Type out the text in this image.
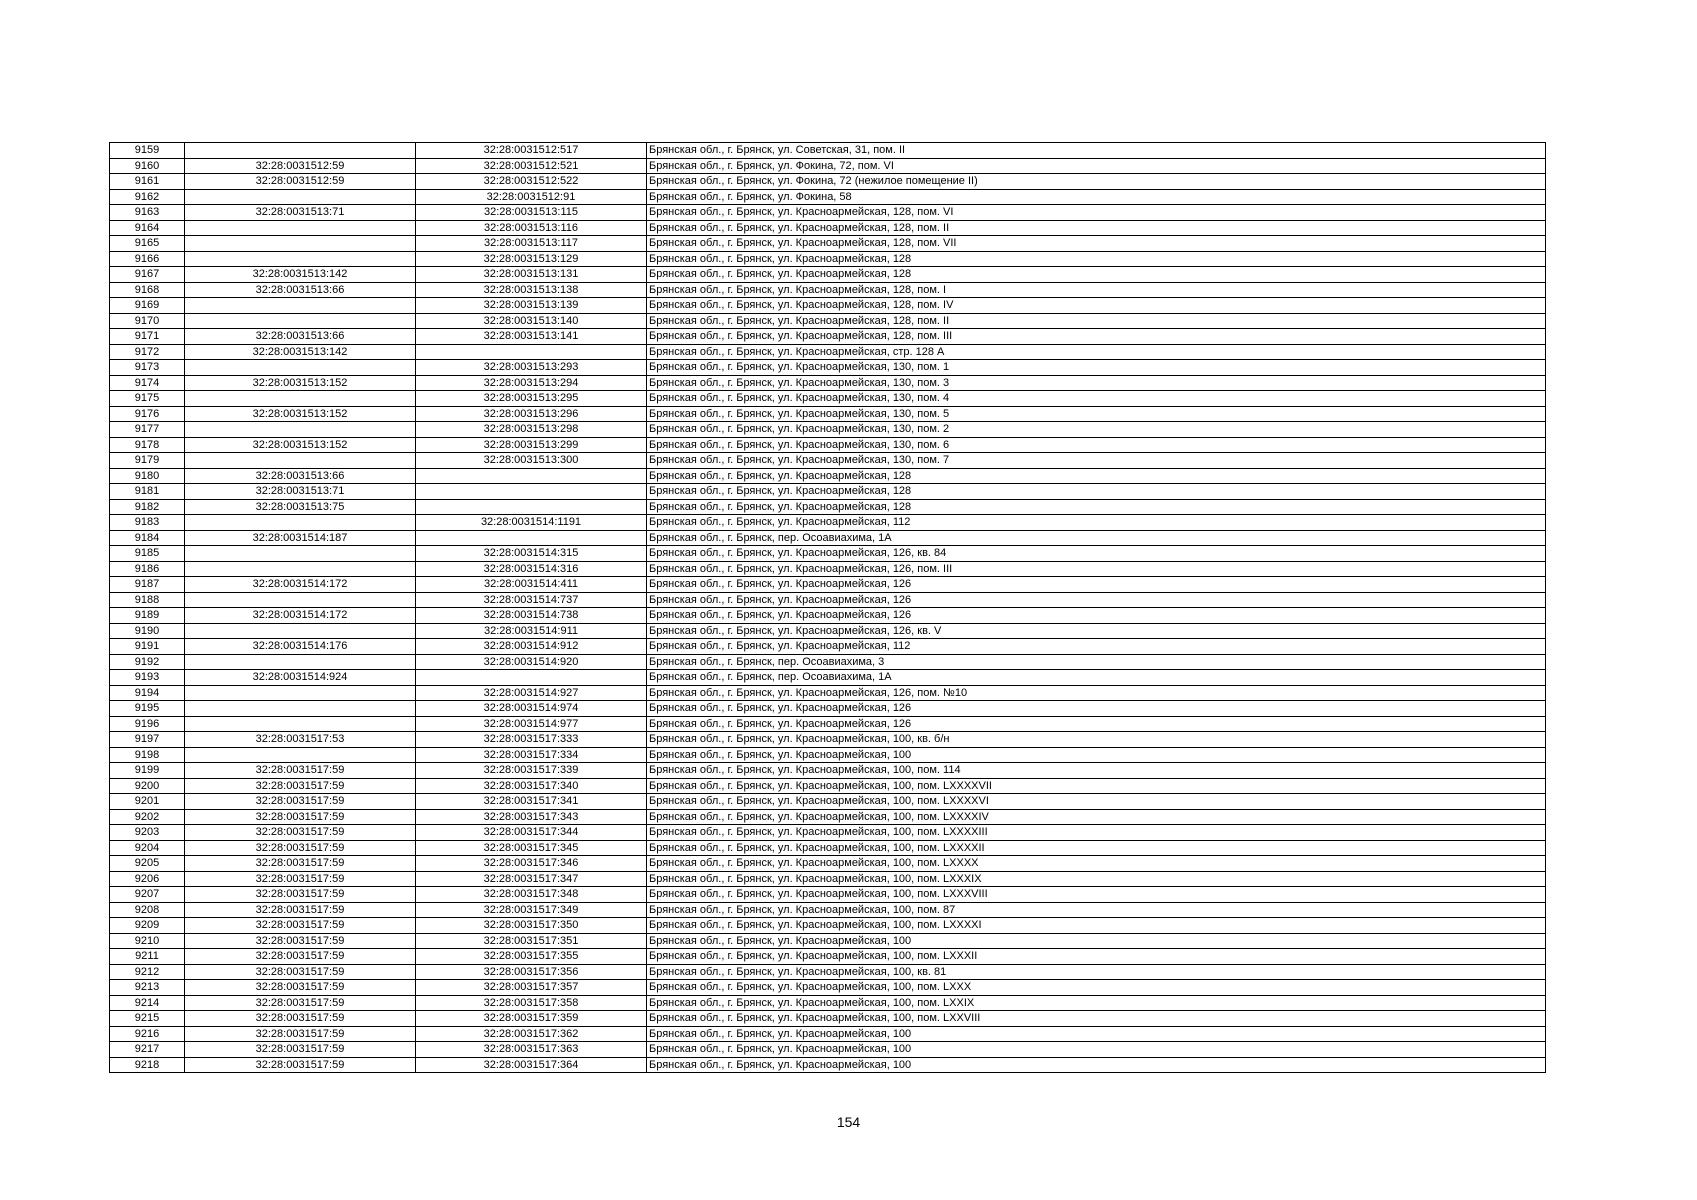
9159		32:28:0031512:517	Брянская обл., г. Брянск, ул. Советская, 31, пом. II
9160	32:28:0031512:59	32:28:0031512:521	Брянская обл., г. Брянск, ул. Фокина, 72, пом. VI
9161	32:28:0031512:59	32:28:0031512:522	Брянская обл., г. Брянск, ул. Фокина, 72 (нежилое помещение II)
9162		32:28:0031512:91	Брянская обл., г. Брянск, ул. Фокина, 58
9163	32:28:0031513:71	32:28:0031513:115	Брянская обл., г. Брянск, ул. Красноармейская, 128, пом. VI
9164		32:28:0031513:116	Брянская обл., г. Брянск, ул. Красноармейская, 128, пом. II
9165		32:28:0031513:117	Брянская обл., г. Брянск, ул. Красноармейская, 128, пом. VII
9166		32:28:0031513:129	Брянская обл., г. Брянск, ул. Красноармейская, 128
9167	32:28:0031513:142	32:28:0031513:131	Брянская обл., г. Брянск, ул. Красноармейская, 128
9168	32:28:0031513:66	32:28:0031513:138	Брянская обл., г. Брянск, ул. Красноармейская, 128, пом. I
9169		32:28:0031513:139	Брянская обл., г. Брянск, ул. Красноармейская, 128, пом. IV
9170		32:28:0031513:140	Брянская обл., г. Брянск, ул. Красноармейская, 128, пом. II
9171	32:28:0031513:66	32:28:0031513:141	Брянская обл., г. Брянск, ул. Красноармейская, 128, пом. III
9172	32:28:0031513:142		Брянская обл., г. Брянск, ул. Красноармейская, стр. 128 А
9173		32:28:0031513:293	Брянская обл., г. Брянск, ул. Красноармейская, 130, пом. 1
9174	32:28:0031513:152	32:28:0031513:294	Брянская обл., г. Брянск, ул. Красноармейская, 130, пом. 3
9175		32:28:0031513:295	Брянская обл., г. Брянск, ул. Красноармейская, 130, пом. 4
9176	32:28:0031513:152	32:28:0031513:296	Брянская обл., г. Брянск, ул. Красноармейская, 130, пом. 5
9177		32:28:0031513:298	Брянская обл., г. Брянск, ул. Красноармейская, 130, пом. 2
9178	32:28:0031513:152	32:28:0031513:299	Брянская обл., г. Брянск, ул. Красноармейская, 130, пом. 6
9179		32:28:0031513:300	Брянская обл., г. Брянск, ул. Красноармейская, 130, пом. 7
9180	32:28:0031513:66		Брянская обл., г. Брянск, ул. Красноармейская, 128
9181	32:28:0031513:71		Брянская обл., г. Брянск, ул. Красноармейская, 128
9182	32:28:0031513:75		Брянская обл., г. Брянск, ул. Красноармейская, 128
9183		32:28:0031514:1191	Брянская обл., г. Брянск, ул. Красноармейская, 112
9184	32:28:0031514:187		Брянская обл., г. Брянск, пер. Осоавиахима, 1А
9185		32:28:0031514:315	Брянская обл., г. Брянск, ул. Красноармейская, 126, кв. 84
9186		32:28:0031514:316	Брянская обл., г. Брянск, ул. Красноармейская, 126, пом. III
9187	32:28:0031514:172	32:28:0031514:411	Брянская обл., г. Брянск, ул. Красноармейская, 126
9188		32:28:0031514:737	Брянская обл., г. Брянск, ул. Красноармейская, 126
9189	32:28:0031514:172	32:28:0031514:738	Брянская обл., г. Брянск, ул. Красноармейская, 126
9190		32:28:0031514:911	Брянская обл., г. Брянск, ул. Красноармейская, 126, кв. V
9191	32:28:0031514:176	32:28:0031514:912	Брянская обл., г. Брянск, ул. Красноармейская, 112
9192		32:28:0031514:920	Брянская обл., г. Брянск, пер. Осоавиахима, 3
9193	32:28:0031514:924		Брянская обл., г. Брянск, пер. Осоавиахима, 1А
9194		32:28:0031514:927	Брянская обл., г. Брянск, ул. Красноармейская, 126, пом. №10
9195		32:28:0031514:974	Брянская обл., г. Брянск, ул. Красноармейская, 126
9196		32:28:0031514:977	Брянская обл., г. Брянск, ул. Красноармейская, 126
9197	32:28:0031517:53	32:28:0031517:333	Брянская обл., г. Брянск, ул. Красноармейская, 100, кв. б/н
9198		32:28:0031517:334	Брянская обл., г. Брянск, ул. Красноармейская, 100
9199	32:28:0031517:59	32:28:0031517:339	Брянская обл., г. Брянск, ул. Красноармейская, 100, пом. 114
9200	32:28:0031517:59	32:28:0031517:340	Брянская обл., г. Брянск, ул. Красноармейская, 100, пом. LXXXXVII
9201	32:28:0031517:59	32:28:0031517:341	Брянская обл., г. Брянск, ул. Красноармейская, 100, пом. LXXXXVI
9202	32:28:0031517:59	32:28:0031517:343	Брянская обл., г. Брянск, ул. Красноармейская, 100, пом. LXXXXIV
9203	32:28:0031517:59	32:28:0031517:344	Брянская обл., г. Брянск, ул. Красноармейская, 100, пом. LXXXXIII
9204	32:28:0031517:59	32:28:0031517:345	Брянская обл., г. Брянск, ул. Красноармейская, 100, пом. LXXXXII
9205	32:28:0031517:59	32:28:0031517:346	Брянская обл., г. Брянск, ул. Красноармейская, 100, пом. LXXXX
9206	32:28:0031517:59	32:28:0031517:347	Брянская обл., г. Брянск, ул. Красноармейская, 100, пом. LXXXIX
9207	32:28:0031517:59	32:28:0031517:348	Брянская обл., г. Брянск, ул. Красноармейская, 100, пом. LXXXVIII
9208	32:28:0031517:59	32:28:0031517:349	Брянская обл., г. Брянск, ул. Красноармейская, 100, пом. 87
9209	32:28:0031517:59	32:28:0031517:350	Брянская обл., г. Брянск, ул. Красноармейская, 100, пом. LXXXXI
9210	32:28:0031517:59	32:28:0031517:351	Брянская обл., г. Брянск, ул. Красноармейская, 100
9211	32:28:0031517:59	32:28:0031517:355	Брянская обл., г. Брянск, ул. Красноармейская, 100, пом. LXXXII
9212	32:28:0031517:59	32:28:0031517:356	Брянская обл., г. Брянск, ул. Красноармейская, 100, кв. 81
9213	32:28:0031517:59	32:28:0031517:357	Брянская обл., г. Брянск, ул. Красноармейская, 100, пом. LXXX
9214	32:28:0031517:59	32:28:0031517:358	Брянская обл., г. Брянск, ул. Красноармейская, 100, пом. LXXIX
9215	32:28:0031517:59	32:28:0031517:359	Брянская обл., г. Брянск, ул. Красноармейская, 100, пом. LXXVIII
9216	32:28:0031517:59	32:28:0031517:362	Брянская обл., г. Брянск, ул. Красноармейская, 100
9217	32:28:0031517:59	32:28:0031517:363	Брянская обл., г. Брянск, ул. Красноармейская, 100
9218	32:28:0031517:59	32:28:0031517:364	Брянская обл., г. Брянск, ул. Красноармейская, 100
154
